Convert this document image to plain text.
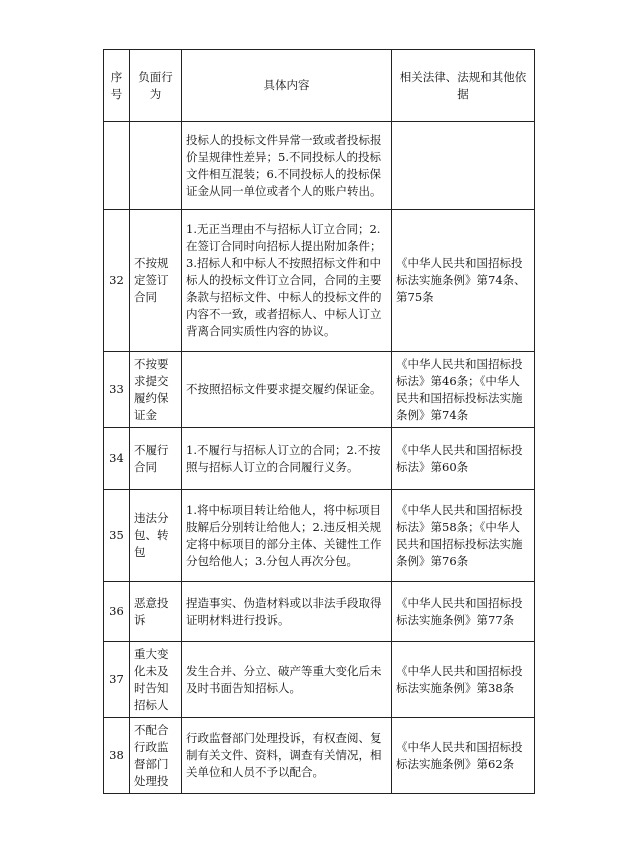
序号	负面行为	具体内容	相关法律、法规和其他依据
		投标人的投标文件异常一致或者投标报价呈规律性差异；5.不同投标人的投标文件相互混装；6.不同投标人的投标保证金从同一单位或者个人的账户转出。	
32	不按规定签订合同	1.无正当理由不与招标人订立合同；2.在签订合同时向招标人提出附加条件；3.招标人和中标人不按照招标文件和中标人的投标文件订立合同，合同的主要条款与招标文件、中标人的投标文件的内容不一致，或者招标人、中标人订立背离合同实质性内容的协议。	《中华人民共和国招标投标法实施条例》第74条、第75条
33	不按要求提交履约保证金	不按照招标文件要求提交履约保证金。	《中华人民共和国招标投标法》第46条；《中华人民共和国招标投标法实施条例》第74条
34	不履行合同	1.不履行与招标人订立的合同；2.不按照与招标人订立的合同履行义务。	《中华人民共和国招标投标法》第60条
35	违法分包、转包	1.将中标项目转让给他人，将中标项目肢解后分别转让给他人；2.违反相关规定将中标项目的部分主体、关键性工作分包给他人；3.分包人再次分包。	《中华人民共和国招标投标法》第58条；《中华人民共和国招标投标法实施条例》第76条
36	恶意投诉	捏造事实、伪造材料或以非法手段取得证明材料进行投诉。	《中华人民共和国招标投标法实施条例》第77条
37	重大变化未及时告知招标人	发生合并、分立、破产等重大变化后未及时书面告知招标人。	《中华人民共和国招标投标法实施条例》第38条
38	不配合行政监督部门处理投	行政监督部门处理投诉，有权查阅、复制有关文件、资料，调查有关情况，相关单位和人员不予以配合。	《中华人民共和国招标投标法实施条例》第62条
